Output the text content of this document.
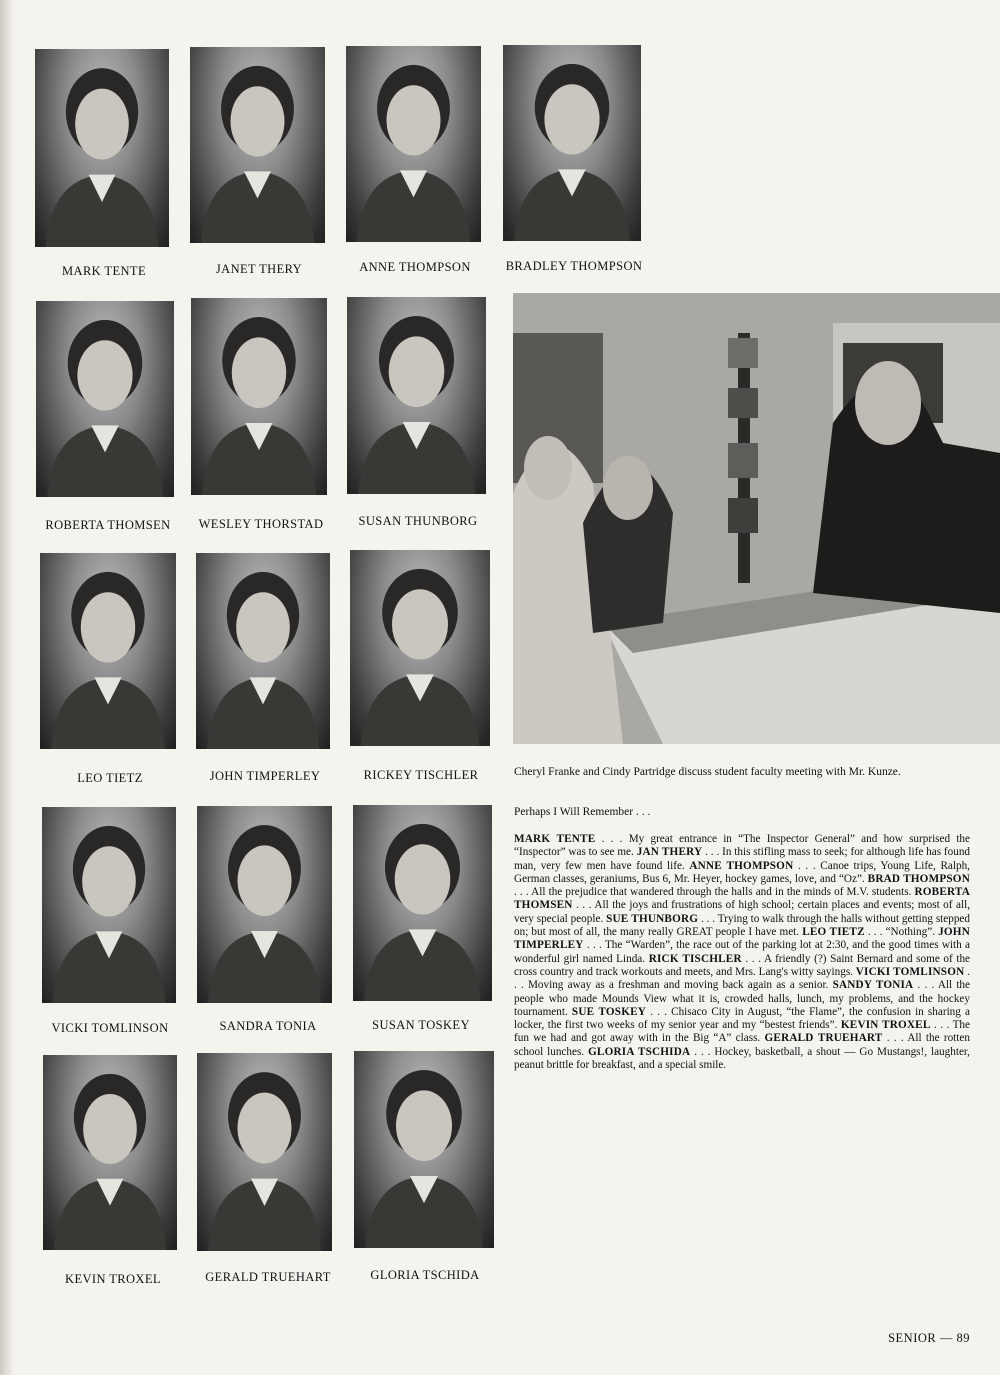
MARK TENTE	JANET THERY	ANNE THOMPSON	BRADLEY THOMPSON
ROBERTA THOMSEN	WESLEY THORSTAD	SUSAN THUNBORG
LEO TIETZ	JOHN TIMPERLEY	RICKEY TISCHLER
VICKI TOMLINSON	SANDRA TONIA	SUSAN TOSKEY
KEVIN TROXEL	GERALD TRUEHART	GLORIA TSCHIDA
Cheryl Franke and Cindy Partridge discuss student faculty meeting with Mr. Kunze.
Perhaps I Will Remember . . .
MARK TENTE . . . My great entrance in “The Inspector General” and how surprised the “Inspector” was to see me. JAN THERY . . . In this stifling mass to seek; for although life has found man, very few men have found life. ANNE THOMPSON . . . Canoe trips, Young Life, Ralph, German classes, geraniums, Bus 6, Mr. Heyer, hockey games, love, and “Oz”. BRAD THOMPSON . . . All the prejudice that wandered through the halls and in the minds of M.V. students. ROBERTA THOMSEN . . . All the joys and frustrations of high school; certain places and events; most of all, very special people. SUE THUNBORG . . . Trying to walk through the halls without getting stepped on; but most of all, the many really GREAT people I have met. LEO TIETZ . . . “Nothing”. JOHN TIMPERLEY . . . The “Warden”, the race out of the parking lot at 2:30, and the good times with a wonderful girl named Linda. RICK TISCHLER . . . A friendly (?) Saint Bernard and some of the cross country and track workouts and meets, and Mrs. Lang's witty sayings. VICKI TOMLINSON . . . Moving away as a freshman and moving back again as a senior. SANDY TONIA . . . All the people who made Mounds View what it is, crowded halls, lunch, my problems, and the hockey tournament. SUE TOSKEY . . . Chisaco City in August, “the Flame”, the confusion in sharing a locker, the first two weeks of my senior year and my “bestest friends”. KEVIN TROXEL . . . The fun we had and got away with in the Big “A” class. GERALD TRUEHART . . . All the rotten school lunches. GLORIA TSCHIDA . . . Hockey, basketball, a shout — Go Mustangs!, laughter, peanut brittle for breakfast, and a special smile.
SENIOR — 89
